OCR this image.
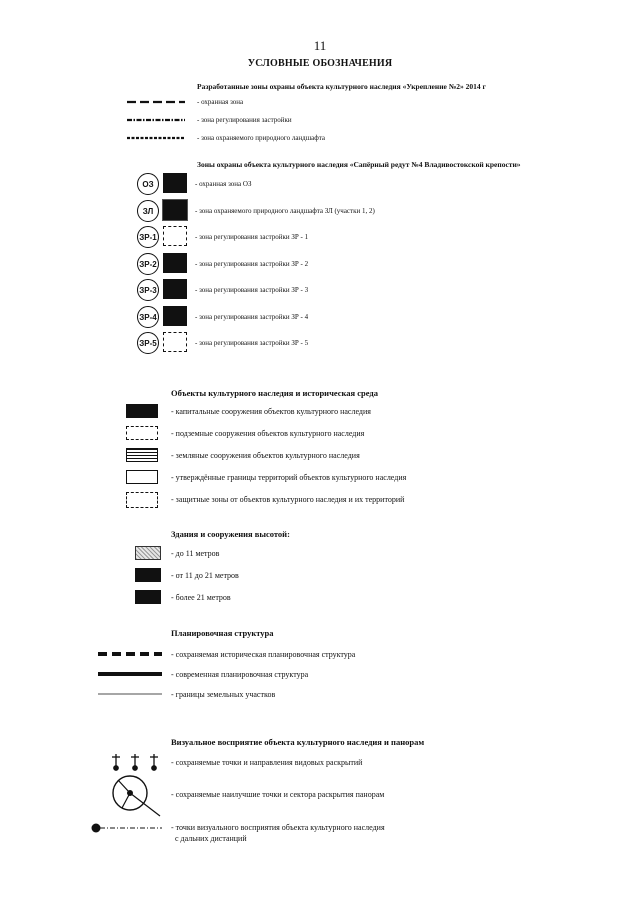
11
УСЛОВНЫЕ ОБОЗНАЧЕНИЯ
Разработанные зоны охраны объекта культурного наследия «Укрепление №2» 2014 г
- охранная зона
- зона регулирования застройки
- зона охраняемого природного ландшафта
Зоны охраны объекта культурного наследия «Cапёрный редут №4 Владивостокской крепости»
ОЗ	- охранная зона ОЗ
ЗЛ	- зона охраняемого природного ландшафта ЗЛ (участки 1, 2)
ЗР-1	- зона регулирования застройки ЗР - 1
ЗР-2	- зона регулирования застройки ЗР - 2
ЗР-3	- зона регулирования застройки ЗР - 3
ЗР-4	- зона регулирования застройки ЗР - 4
ЗР-5	- зона регулирования застройки ЗР - 5
Объекты культурного наследия и историческая среда
- капитальные сооружения объектов культурного наследия
- подземные сооружения объектов культурного наследия
- земляные сооружения объектов культурного наследия
- утверждённые границы территорий объектов культурного наследия
- защитные зоны от объектов культурного наследия и их территорий
Здания и сооружения высотой:
- до 11 метров
- от 11 до 21 метров
- более 21 метров
Планировочная структура
- сохраняемая историческая планировочная структура
- современная планировочная структура
- границы земельных участков
Визуальное восприятие объекта культурного наследия и панорам
- сохраняемые точки и направления видовых раскрытий
- сохраняемые наилучшие точки и сектора раскрытия панорам
- точки визуального восприятия объекта культурного наследия
с дальних дистанций
